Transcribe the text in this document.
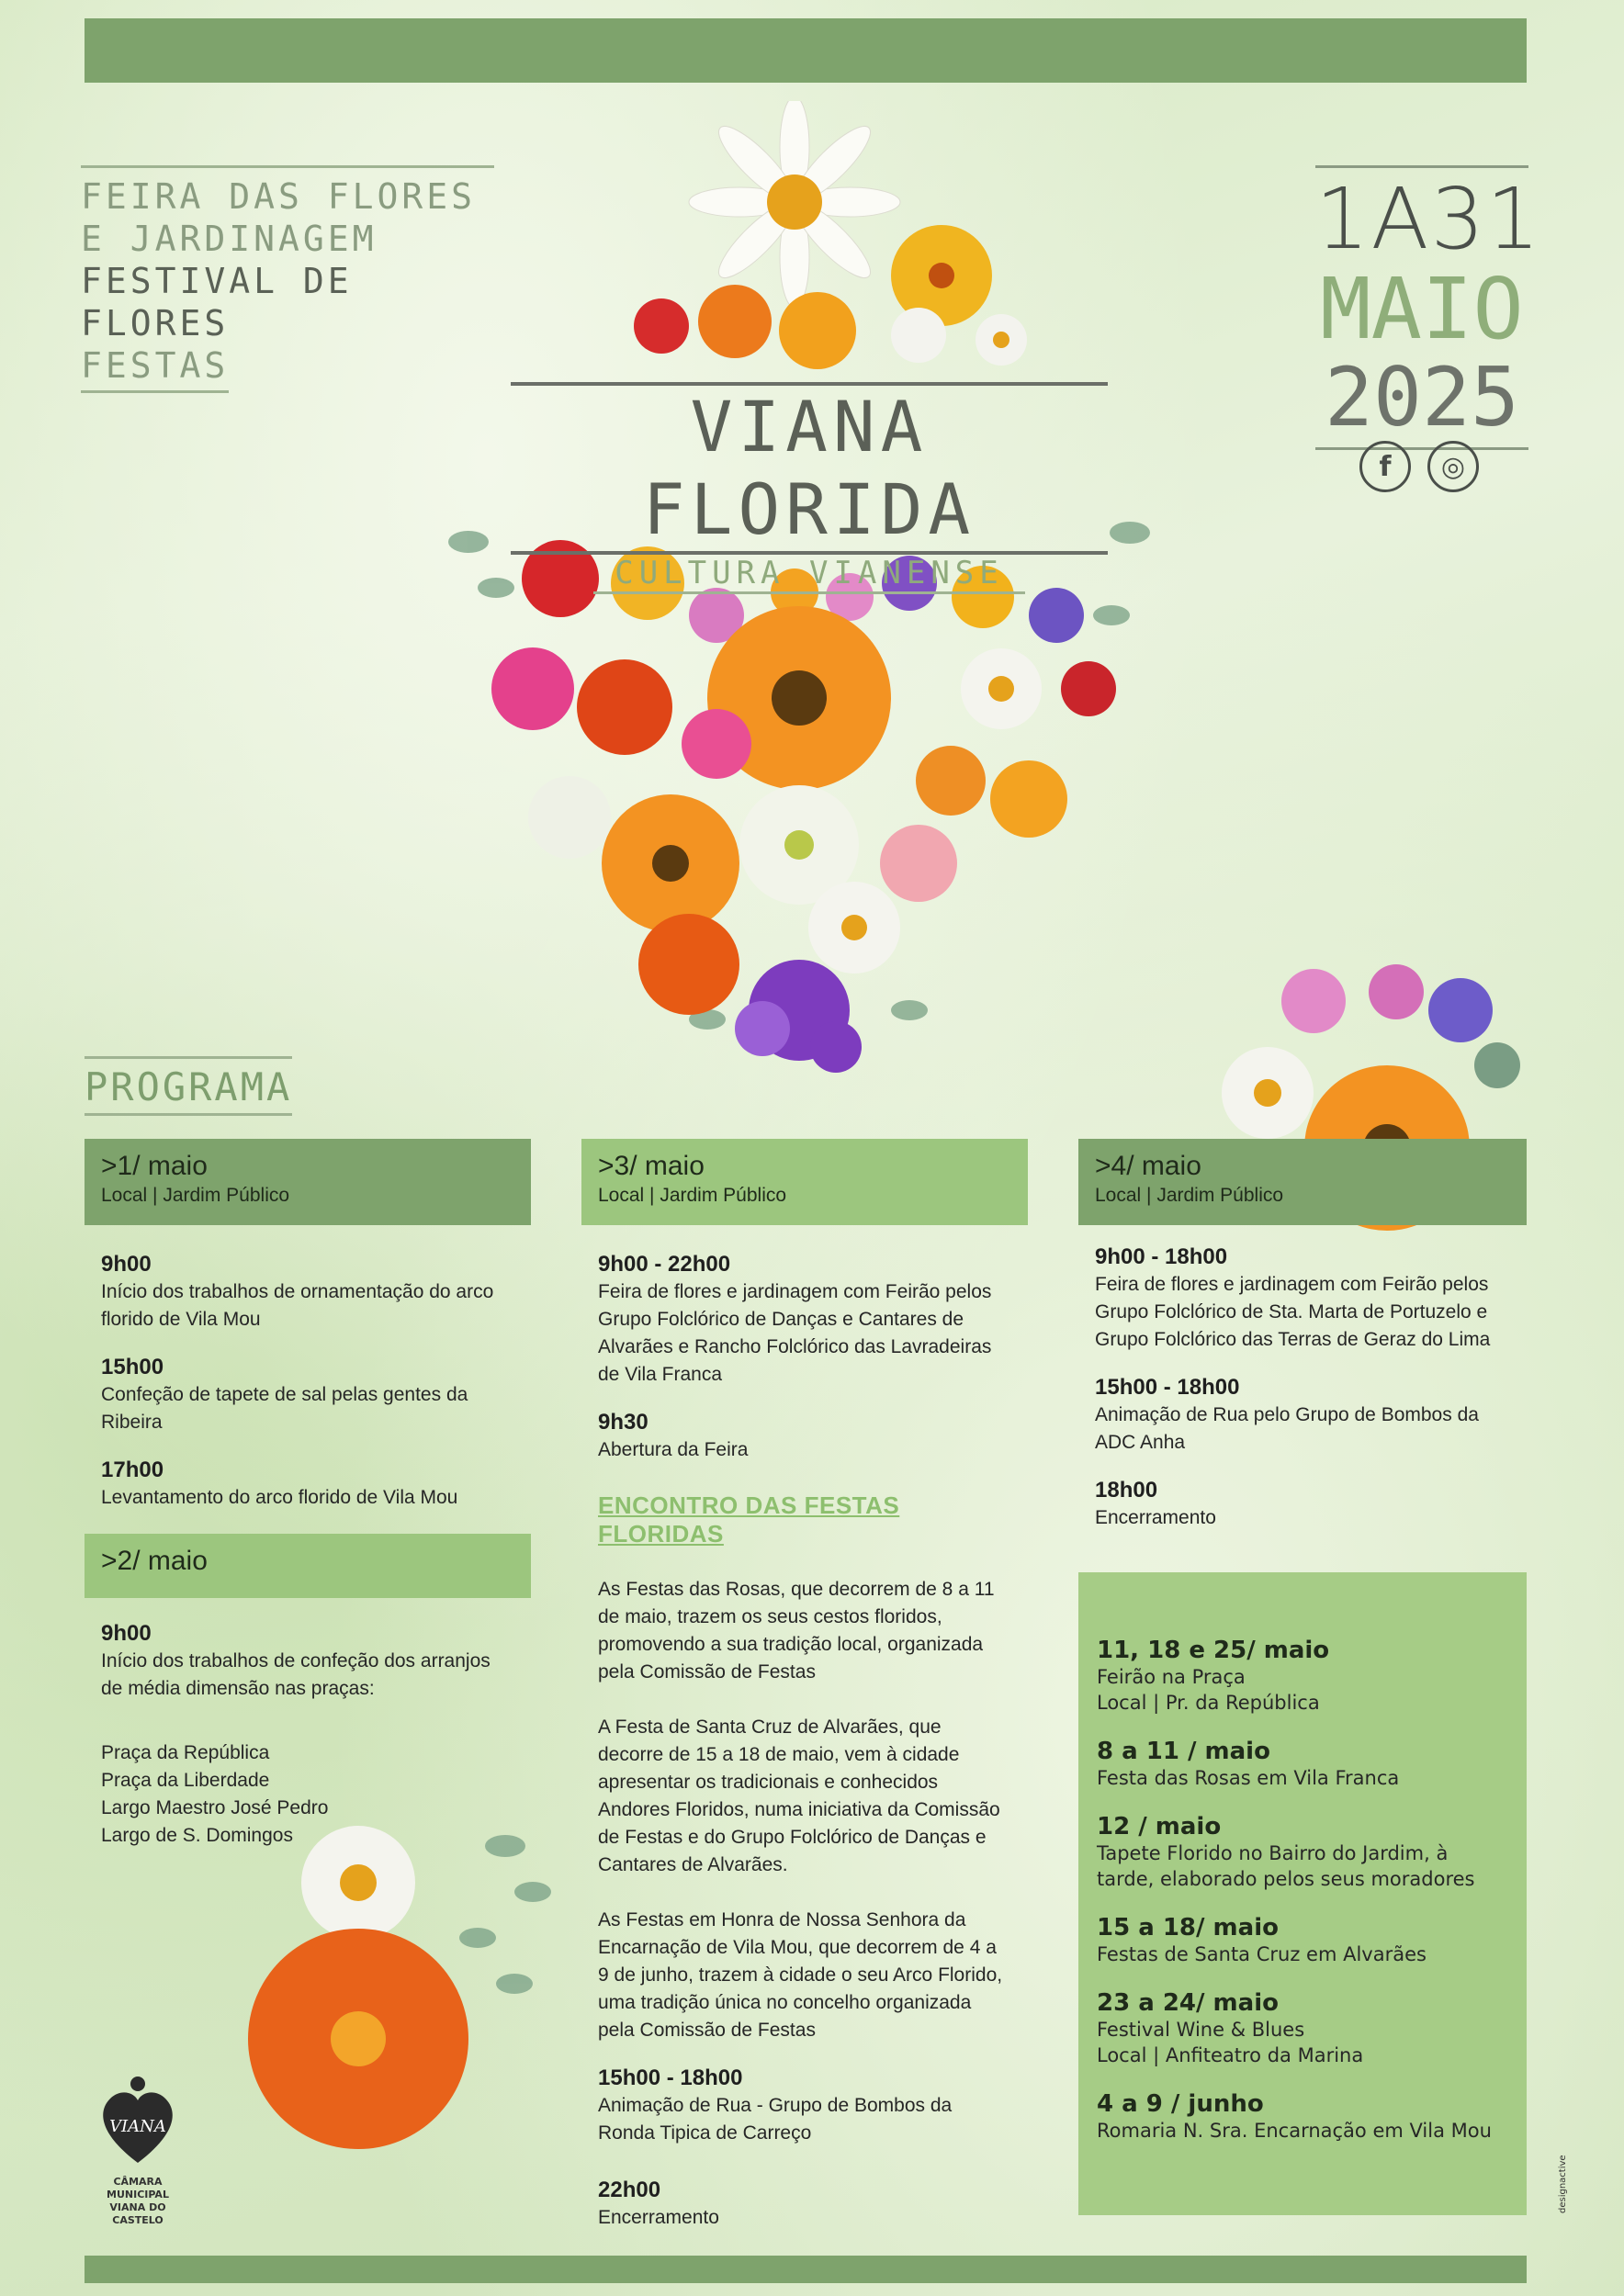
FEIRA DAS FLORES
E JARDINAGEM
FESTIVAL DE FLORES
FESTAS
1A31
MAIO
2025
f	◎
VIANA FLORIDA
CULTURA VIANENSE
PROGRAMA
>1/ maio
Local | Jardim Público
9h00
Início dos trabalhos de ornamentação do arco florido de Vila Mou
15h00
Confeção de tapete de sal pelas gentes da Ribeira
17h00
Levantamento do arco florido de Vila Mou
>2/ maio
9h00
Início dos trabalhos de confeção dos arranjos de média dimensão nas praças:
Praça da República
Praça da Liberdade
Largo Maestro José Pedro
Largo de S. Domingos
>3/ maio
Local | Jardim Público
9h00 - 22h00
Feira de flores e jardinagem com Feirão pelos Grupo Folclórico de Danças e Cantares de Alvarães e Rancho Folclórico das Lavradeiras de Vila Franca
9h30
Abertura da Feira
ENCONTRO DAS FESTAS FLORIDAS
As Festas das Rosas, que decorrem de 8 a 11 de maio, trazem os seus cestos floridos, promovendo a sua tradição local, organizada pela Comissão de Festas
A Festa de Santa Cruz de Alvarães, que decorre de 15 a 18 de maio, vem à cidade apresentar os tradicionais e conhecidos Andores Floridos, numa iniciativa da Comissão de Festas e do Grupo Folclórico de Danças e Cantares de Alvarães.
As Festas em Honra de Nossa Senhora da Encarnação de Vila Mou, que decorrem de 4 a 9 de junho, trazem à cidade o seu Arco Florido, uma tradição única no concelho organizada pela Comissão de Festas
15h00 - 18h00
Animação de Rua - Grupo de Bombos da Ronda Tipica de Carreço
22h00
Encerramento
>4/ maio
Local | Jardim Público
9h00 - 18h00
Feira de flores e jardinagem com Feirão pelos Grupo Folclórico de Sta. Marta de Portuzelo e Grupo Folclórico das Terras de Geraz do Lima
15h00 - 18h00
Animação de Rua pelo Grupo de Bombos da ADC Anha
18h00
Encerramento
11, 18 e 25/ maio
Feirão na Praça
Local | Pr. da República
8 a 11 / maio
Festa das Rosas em Vila Franca
12 / maio
Tapete Florido no Bairro do Jardim, à tarde, elaborado pelos seus moradores
15 a 18/ maio
Festas de Santa Cruz em Alvarães
23 a 24/ maio
Festival Wine & Blues
Local | Anfiteatro da Marina
4 a 9 / junho
Romaria N. Sra. Encarnação em Vila Mou
VIANA
CÂMARA MUNICIPAL
VIANA DO CASTELO
designactive
